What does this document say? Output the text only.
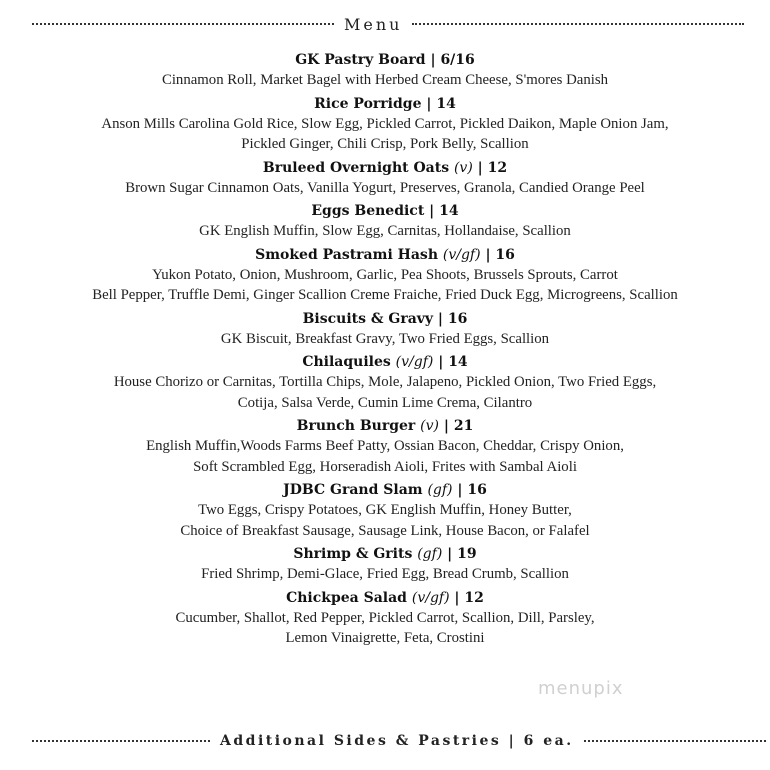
Menu
GK Pastry Board | 6/16
Cinnamon Roll, Market Bagel with Herbed Cream Cheese, S'mores Danish
Rice Porridge | 14
Anson Mills Carolina Gold Rice, Slow Egg, Pickled Carrot, Pickled Daikon, Maple Onion Jam,
Pickled Ginger, Chili Crisp, Pork Belly, Scallion
Bruleed Overnight Oats (v) | 12
Brown Sugar Cinnamon Oats, Vanilla Yogurt, Preserves, Granola, Candied Orange Peel
Eggs Benedict | 14
GK English Muffin, Slow Egg, Carnitas, Hollandaise, Scallion
Smoked Pastrami Hash (v/gf) | 16
Yukon Potato, Onion, Mushroom, Garlic, Pea Shoots, Brussels Sprouts, Carrot
Bell Pepper, Truffle Demi, Ginger Scallion Creme Fraiche, Fried Duck Egg, Microgreens, Scallion
Biscuits & Gravy | 16
GK Biscuit, Breakfast Gravy, Two Fried Eggs, Scallion
Chilaquiles (v/gf) | 14
House Chorizo or Carnitas, Tortilla Chips, Mole, Jalapeno, Pickled Onion, Two Fried Eggs,
Cotija, Salsa Verde, Cumin Lime Crema, Cilantro
Brunch Burger (v) | 21
English Muffin,Woods Farms Beef Patty, Ossian Bacon, Cheddar, Crispy Onion,
Soft Scrambled Egg, Horseradish Aioli, Frites with Sambal Aioli
JDBC Grand Slam (gf) | 16
Two Eggs, Crispy Potatoes, GK English Muffin, Honey Butter,
Choice of Breakfast Sausage, Sausage Link, House Bacon, or Falafel
Shrimp & Grits (gf) | 19
Fried Shrimp, Demi-Glace, Fried Egg, Bread Crumb, Scallion
Chickpea Salad (v/gf) | 12
Cucumber, Shallot, Red Pepper, Pickled Carrot, Scallion, Dill, Parsley,
Lemon Vinaigrette, Feta, Crostini
Additional Sides & Pastries | 6 ea.
menupix
